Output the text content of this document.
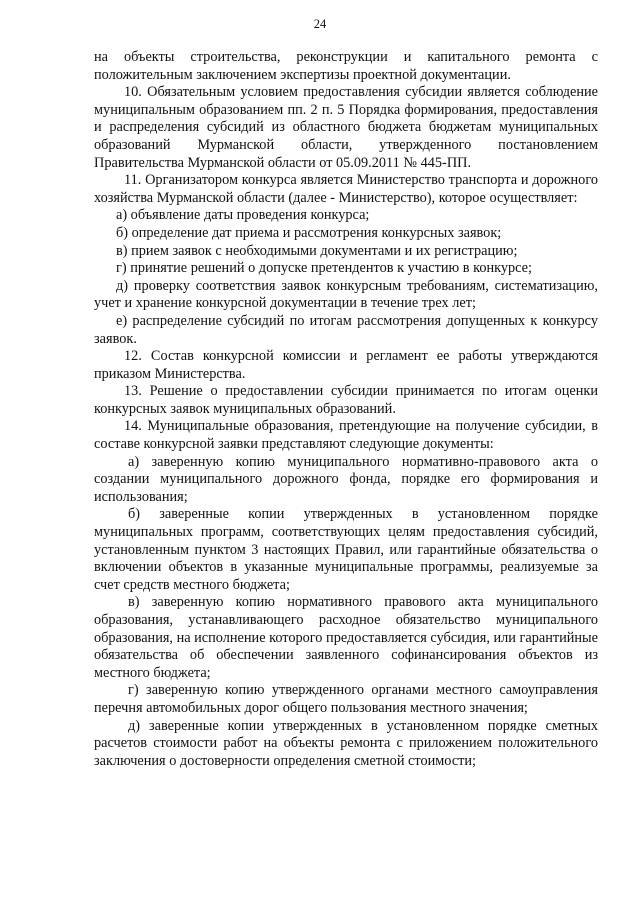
24

на объекты строительства, реконструкции и капитального ремонта с положительным заключением экспертизы проектной документации.

10. Обязательным условием предоставления субсидии является соблюдение муниципальным образованием пп. 2 п. 5 Порядка формирования, предоставления и распределения субсидий из областного бюджета бюджетам муниципальных образований Мурманской области, утвержденного постановлением Правительства Мурманской области от 05.09.2011 № 445-ПП.

11. Организатором конкурса является Министерство транспорта и дорожного хозяйства Мурманской области (далее - Министерство), которое осуществляет:

а) объявление даты проведения конкурса;

б) определение дат приема и рассмотрения конкурсных заявок;

в) прием заявок с необходимыми документами и их регистрацию;

г) принятие решений о допуске претендентов к участию в конкурсе;

д) проверку соответствия заявок конкурсным требованиям, систематизацию, учет и хранение конкурсной документации в течение трех лет;

е) распределение субсидий по итогам рассмотрения допущенных к конкурсу заявок.

12. Состав конкурсной комиссии и регламент ее работы утверждаются приказом Министерства.

13. Решение о предоставлении субсидии принимается по итогам оценки конкурсных заявок муниципальных образований.

14. Муниципальные образования, претендующие на получение субсидии, в составе конкурсной заявки представляют следующие документы:

а) заверенную копию муниципального нормативно-правового акта о создании муниципального дорожного фонда, порядке его формирования и использования;

б) заверенные копии утвержденных в установленном порядке муниципальных программ, соответствующих целям предоставления субсидий, установленным пунктом 3 настоящих Правил, или гарантийные обязательства о включении объектов в указанные муниципальные программы, реализуемые за счет средств местного бюджета;

в) заверенную копию нормативного правового акта муниципального образования, устанавливающего расходное обязательство муниципального образования, на исполнение которого предоставляется субсидия, или гарантийные обязательства об обеспечении заявленного софинансирования объектов из местного бюджета;

г) заверенную копию утвержденного органами местного самоуправления перечня автомобильных дорог общего пользования местного значения;

д) заверенные копии утвержденных в установленном порядке сметных расчетов стоимости работ на объекты ремонта с приложением положительного заключения о достоверности определения сметной стоимости;
